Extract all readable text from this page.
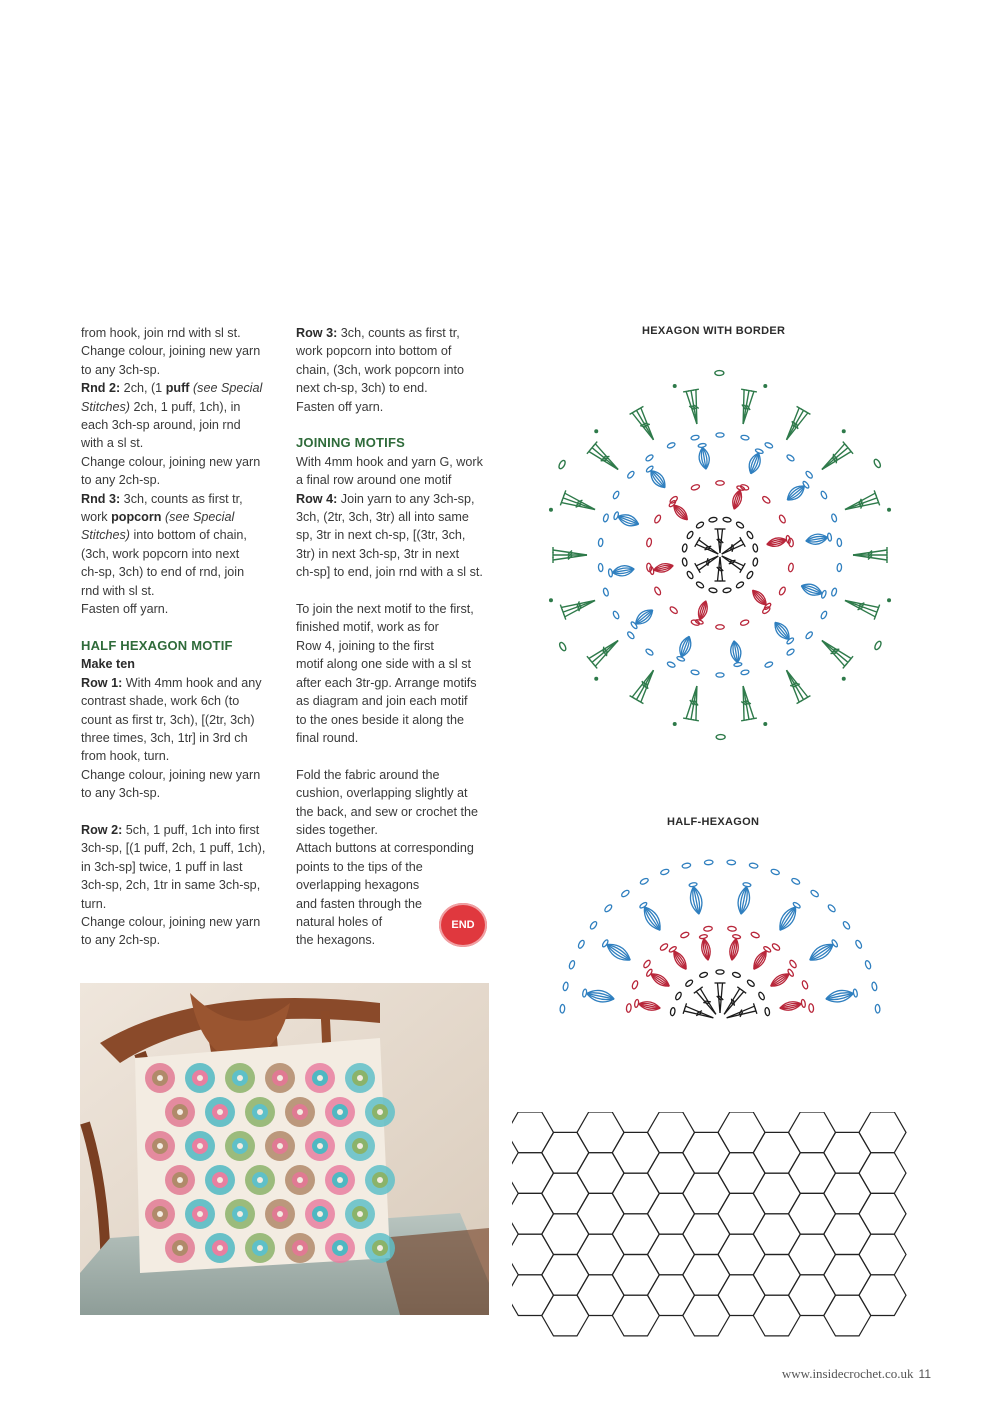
from hook, join rnd with sl st.

Change colour, joining new yarn

to any 3ch-sp.

Rnd 2: 2ch, (1 puff (see Special

Stitches) 2ch, 1 puff, 1ch), in

each 3ch-sp around, join rnd

with a sl st.

Change colour, joining new yarn

to any 2ch-sp.

Rnd 3: 3ch, counts as first tr,

work popcorn (see Special

Stitches) into bottom of chain,

(3ch, work popcorn into next

ch-sp, 3ch) to end of rnd, join

rnd with sl st.

Fasten off yarn.

HALF HEXAGON MOTIF

Make ten

Row 1: With 4mm hook and any

contrast shade, work 6ch (to

count as first tr, 3ch), [(2tr, 3ch)

three times, 3ch, 1tr] in 3rd ch

from hook, turn.

Change colour, joining new yarn

to any 3ch-sp.

Row 2: 5ch, 1 puff, 1ch into first

3ch-sp, [(1 puff, 2ch, 1 puff, 1ch),

in 3ch-sp] twice, 1 puff in last

3ch-sp, 2ch, 1tr in same 3ch-sp,

turn.

Change colour, joining new yarn

to any 2ch-sp.

Row 3: 3ch, counts as first tr,

work popcorn into bottom of

chain, (3ch, work popcorn into

next ch-sp, 3ch) to end.

Fasten off yarn.

JOINING MOTIFS

With 4mm hook and yarn G, work

a final row around one motif

Row 4: Join yarn to any 3ch-sp,

3ch, (2tr, 3ch, 3tr) all into same

sp, 3tr in next ch-sp, [(3tr, 3ch,

3tr) in next 3ch-sp, 3tr in next

ch-sp] to end, join rnd with a sl st.

To join the next motif to the first,

finished motif, work as for

Row 4, joining to the first

motif along one side with a sl st

after each 3tr-gp. Arrange motifs

as diagram and join each motif

to the ones beside it along the

final round.

Fold the fabric around the

cushion, overlapping slightly at

the back, and sew or crochet the

sides together.

Attach buttons at corresponding

points to the tips of the

overlapping hexagons

and fasten through the

natural holes of

the hexagons.

END
HEXAGON WITH BORDER
HALF-HEXAGON
www.insidecrochet.co.uk 11
